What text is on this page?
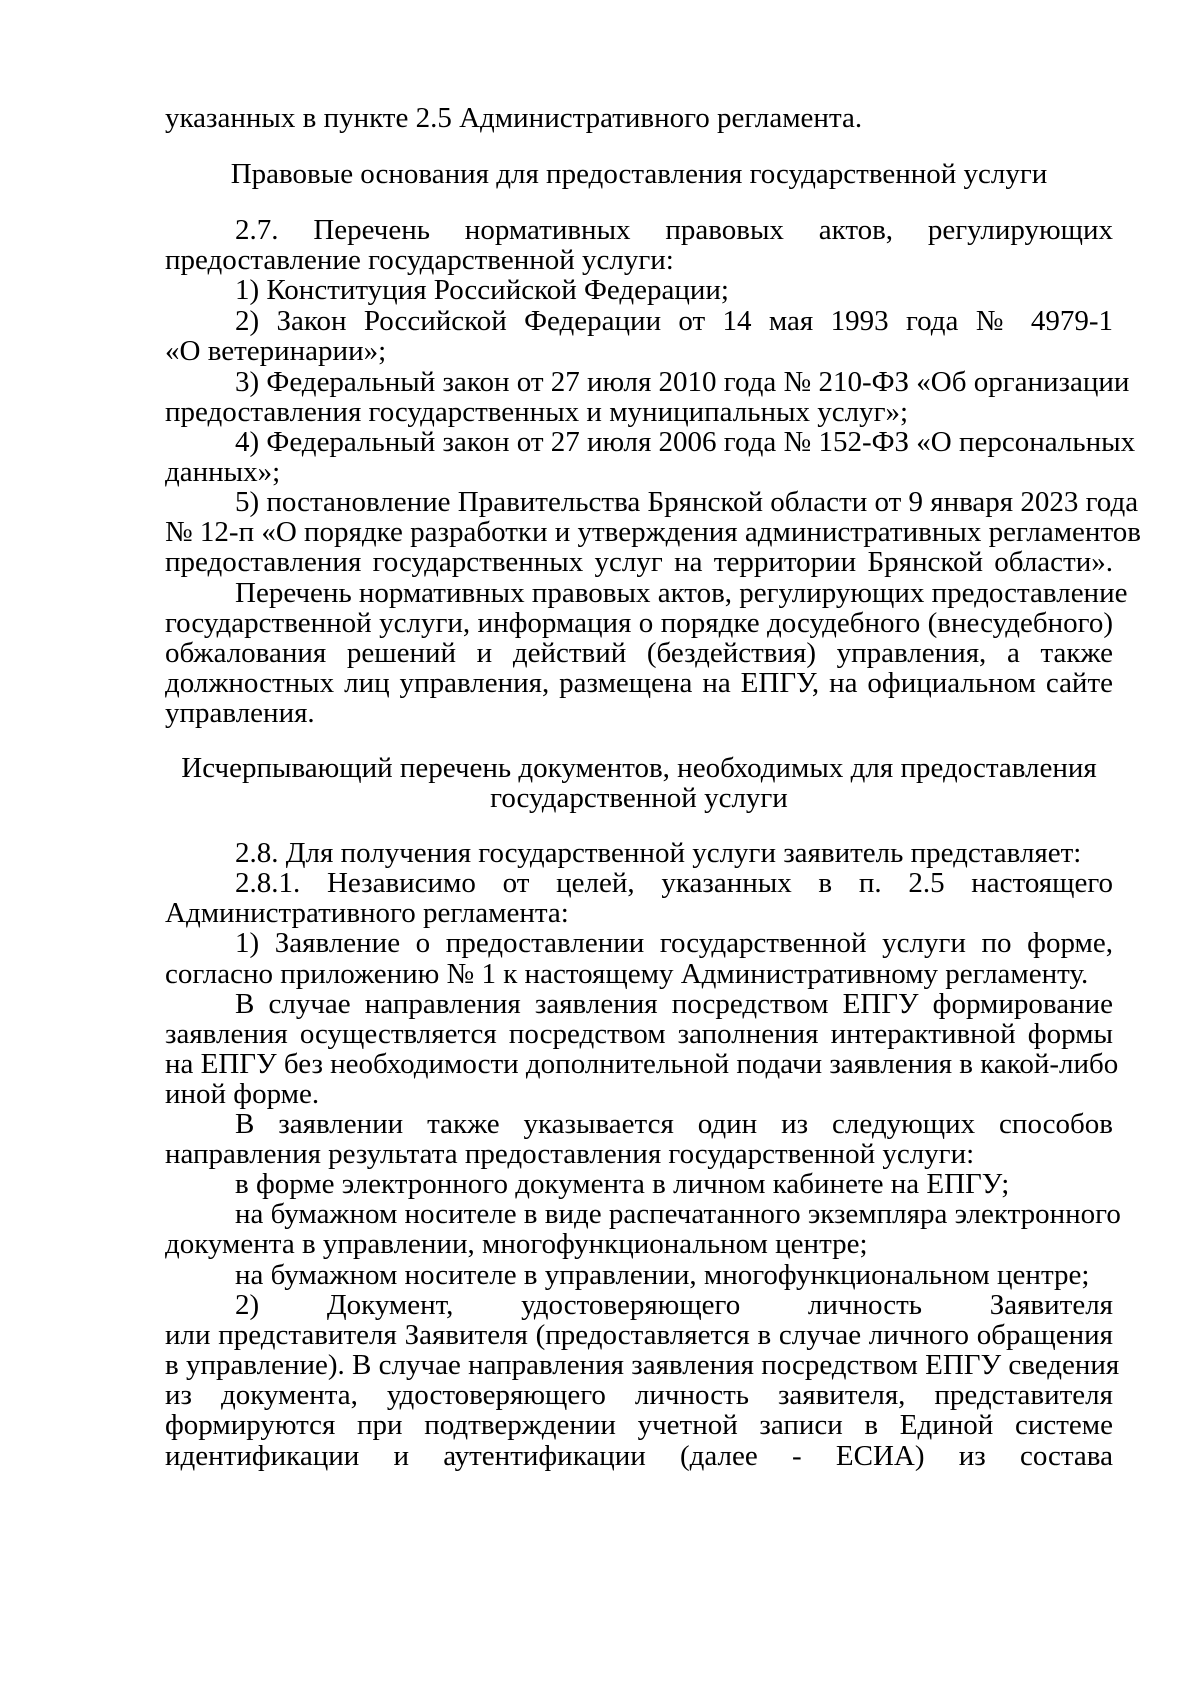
указанных в пункте 2.5 Административного регламента.
Правовые основания для предоставления государственной услуги
2.7. Перечень нормативных правовых актов, регулирующих
предоставление государственной услуги:
1) Конституция Российской Федерации;
2) Закон Российской Федерации от 14 мая 1993 года № 4979-1
«О ветеринарии»;
3) Федеральный закон от 27 июля 2010 года № 210-ФЗ «Об организации
предоставления государственных и муниципальных услуг»;
4) Федеральный закон от 27 июля 2006 года № 152-ФЗ «О персональных
данных»;
5) постановление Правительства Брянской области от 9 января 2023 года
№ 12-п «О порядке разработки и утверждения административных регламентов
предоставления государственных услуг на территории Брянской области».
Перечень нормативных правовых актов, регулирующих предоставление
государственной услуги, информация о порядке досудебного (внесудебного)
обжалования решений и действий (бездействия) управления, а также
должностных лиц управления, размещена на ЕПГУ, на официальном сайте
управления.
Исчерпывающий перечень документов, необходимых для предоставления
государственной услуги
2.8. Для получения государственной услуги заявитель представляет:
2.8.1. Независимо от целей, указанных в п. 2.5 настоящего
Административного регламента:
1) Заявление о предоставлении государственной услуги по форме,
согласно приложению № 1 к настоящему Административному регламенту.
В случае направления заявления посредством ЕПГУ формирование
заявления осуществляется посредством заполнения интерактивной формы
на ЕПГУ без необходимости дополнительной подачи заявления в какой-либо
иной форме.
В заявлении также указывается один из следующих способов
направления результата предоставления государственной услуги:
в форме электронного документа в личном кабинете на ЕПГУ;
на бумажном носителе в виде распечатанного экземпляра электронного
документа в управлении, многофункциональном центре;
на бумажном носителе в управлении, многофункциональном центре;
2) Документ, удостоверяющего личность Заявителя
или представителя Заявителя (предоставляется в случае личного обращения
в управление). В случае направления заявления посредством ЕПГУ сведения
из документа, удостоверяющего личность заявителя, представителя
формируются при подтверждении учетной записи в Единой системе
идентификации и аутентификации (далее - ЕСИА) из состава
